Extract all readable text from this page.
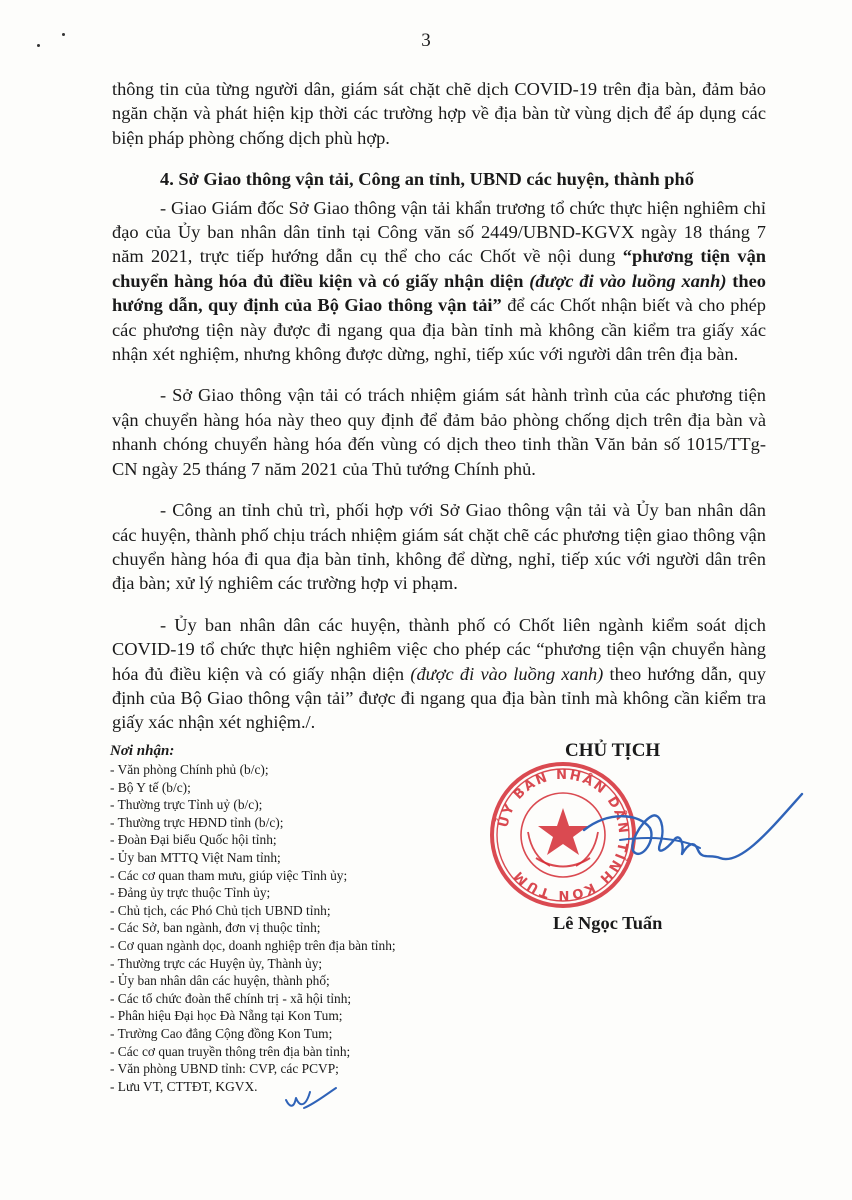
3

thông tin của từng người dân, giám sát chặt chẽ dịch COVID-19 trên địa bàn, đảm bảo ngăn chặn và phát hiện kịp thời các trường hợp về địa bàn từ vùng dịch để áp dụng các biện pháp phòng chống dịch phù hợp.

4. Sở Giao thông vận tải, Công an tỉnh, UBND các huyện, thành phố

- Giao Giám đốc Sở Giao thông vận tải khẩn trương tổ chức thực hiện nghiêm chỉ đạo của Ủy ban nhân dân tỉnh tại Công văn số 2449/UBND-KGVX ngày 18 tháng 7 năm 2021, trực tiếp hướng dẫn cụ thể cho các Chốt về nội dung “phương tiện vận chuyển hàng hóa đủ điều kiện và có giấy nhận diện (được đi vào luồng xanh) theo hướng dẫn, quy định của Bộ Giao thông vận tải” để các Chốt nhận biết và cho phép các phương tiện này được đi ngang qua địa bàn tỉnh mà không cần kiểm tra giấy xác nhận xét nghiệm, nhưng không được dừng, nghỉ, tiếp xúc với người dân trên địa bàn.

- Sở Giao thông vận tải có trách nhiệm giám sát hành trình của các phương tiện vận chuyển hàng hóa này theo quy định để đảm bảo phòng chống dịch trên địa bàn và nhanh chóng chuyển hàng hóa đến vùng có dịch theo tinh thần Văn bản số 1015/TTg-CN ngày 25 tháng 7 năm 2021 của Thủ tướng Chính phủ.

- Công an tỉnh chủ trì, phối hợp với Sở Giao thông vận tải và Ủy ban nhân dân các huyện, thành phố chịu trách nhiệm giám sát chặt chẽ các phương tiện giao thông vận chuyển hàng hóa đi qua địa bàn tỉnh, không để dừng, nghỉ, tiếp xúc với người dân trên địa bàn; xử lý nghiêm các trường hợp vi phạm.

- Ủy ban nhân dân các huyện, thành phố có Chốt liên ngành kiểm soát dịch COVID-19 tổ chức thực hiện nghiêm việc cho phép các “phương tiện vận chuyển hàng hóa đủ điều kiện và có giấy nhận diện (được đi vào luồng xanh) theo hướng dẫn, quy định của Bộ Giao thông vận tải” được đi ngang qua địa bàn tỉnh mà không cần kiểm tra giấy xác nhận xét nghiệm./.

Nơi nhận:
- Văn phòng Chính phủ (b/c);
- Bộ Y tế (b/c);
- Thường trực Tỉnh uỷ (b/c);
- Thường trực HĐND tỉnh (b/c);
- Đoàn Đại biểu Quốc hội tỉnh;
- Ủy ban MTTQ Việt Nam tỉnh;
- Các cơ quan tham mưu, giúp việc Tỉnh ủy;
- Đảng ủy trực thuộc Tỉnh ủy;
- Chủ tịch, các Phó Chủ tịch UBND tỉnh;
- Các Sở, ban ngành, đơn vị thuộc tỉnh;
- Cơ quan ngành dọc, doanh nghiệp trên địa bàn tỉnh;
- Thường trực các Huyện ủy, Thành ủy;
- Ủy ban nhân dân các huyện, thành phố;
- Các tổ chức đoàn thể chính trị - xã hội tỉnh;
- Phân hiệu Đại học Đà Nẵng tại Kon Tum;
- Trường Cao đẳng Cộng đồng Kon Tum;
- Các cơ quan truyền thông trên địa bàn tỉnh;
- Văn phòng UBND tỉnh: CVP, các PCVP;
- Lưu VT, CTTĐT, KGVX.
CHỦ TỊCH
ỦY BAN NHÂN DÂN TỈNH KON TUM
Lê Ngọc Tuấn
